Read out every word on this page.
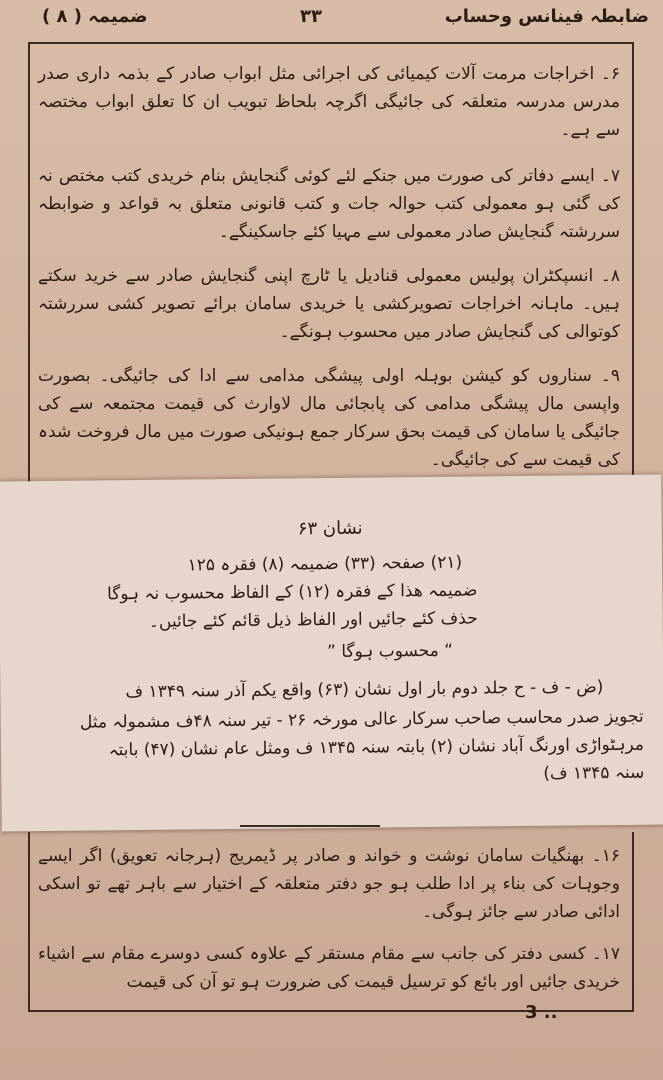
ضابطہ فینانس وحساب
۳۳
ضمیمہ ( ۸ )
۶۔ اخراجات مرمت آلات کیمیائی کی اجرائی مثل ابواب صادر کے بذمہ داری صدر مدرس مدرسہ متعلقہ کی جائیگی اگرچہ بلحاظ تبویب ان کا تعلق ابواب مختصہ سے ہے۔
۷۔ ایسے دفاتر کی صورت میں جنکے لئے کوئی گنجایش بنام خریدی کتب مختص نہ کی گئی ہو معمولی کتب حوالہ جات و کتب قانونی متعلق بہ قواعد و ضوابطہ سررشتہ گنجایش صادر معمولی سے مہیا کئے جاسکینگے۔
۸۔ انسپکٹران پولیس معمولی قنادیل یا ٹارچ اپنی گنجایش صادر سے خرید سکتے ہیں۔ ماہانہ اخراجات تصویرکشی یا خریدی سامان برائے تصویر کشی سررشتہ کوتوالی کی گنجایش صادر میں محسوب ہونگے۔
۹۔ سناروں کو کیشن بوہلہ اولی پیشگی مدامی سے ادا کی جائیگی۔ بصورت واپسی مال پیشگی مدامی کی پابجائی مال لاوارث کی قیمت مجتمعہ سے کی جائیگی یا سامان کی قیمت بحق سرکار جمع ہونیکی صورت میں مال فروخت شدہ کی قیمت سے کی جائیگی۔
نشان ۶۳
(۲۱) صفحہ (۳۳) ضمیمہ (۸) فقرہ ۱۲۵
ضمیمہ ھذا کے فقرہ (۱۲) کے الفاظ محسوب نہ ہوگا
حذف کئے جائیں اور الفاظ ذیل قائم کئے جائیں۔
“ محسوب ہوگا ”
(ض - ف - ح جلد دوم بار اول نشان (۶۳) واقع یکم آذر سنہ ۱۳۴۹ ف
تجویز صدر محاسب صاحب سرکار عالی مورخہ ۲۶ - تیر سنہ ۴۸ف مشمولہ مثل
مرہٹواڑی اورنگ آباد نشان (۲) بابتہ سنہ ۱۳۴۵ ف ومثل عام نشان (۴۷) بابتہ
سنہ ۱۳۴۵ ف)
۱۶۔ بھنگیات سامان نوشت و خواند و صادر پر ڈیمریج (ہرجانہ تعویق) اگر ایسے وجوہات کی بناء پر ادا طلب ہو جو دفتر متعلقہ کے اختیار سے باہر تھے تو اسکی ادائی صادر سے جائز ہوگی۔
۱۷۔ کسی دفتر کی جانب سے مقام مستقر کے علاوہ کسی دوسرے مقام سے اشیاء خریدی جائیں اور بائع کو ترسیل قیمت کی ضرورت ہو تو آن کی قیمت
3 ..
